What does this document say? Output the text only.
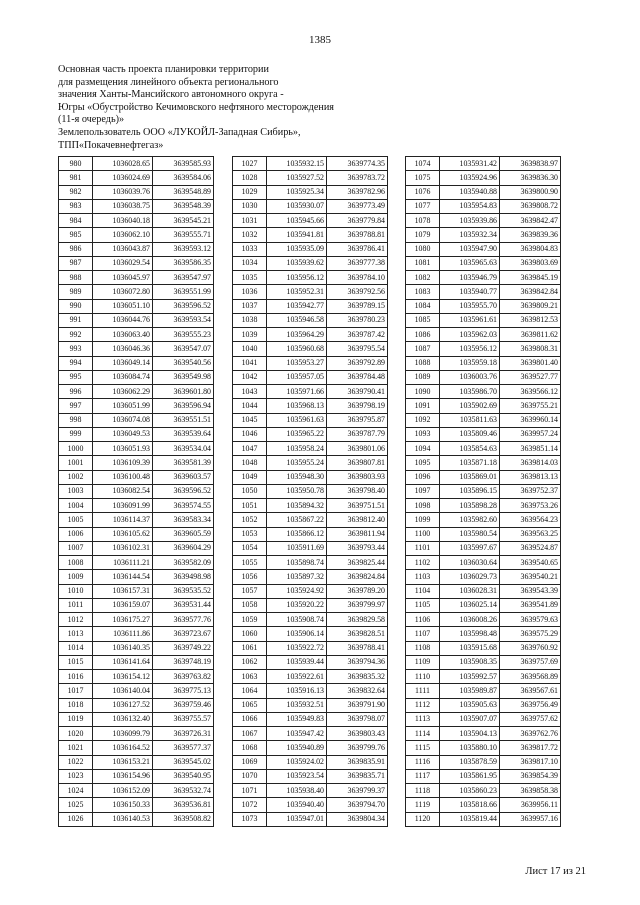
1385
Основная часть проекта планировки территории
для размещения линейного объекта регионального
значения Ханты-Мансийского автономного округа -
Югры «Обустройство Кечимовского нефтяного месторождения
(11-я очередь)»
Землепользователь ООО «ЛУКОЙЛ-Западная Сибирь»,
ТПП«Покачевнефтегаз»
980	1036028.65	3639585.93
981	1036024.69	3639584.06
982	1036039.76	3639548.89
983	1036038.75	3639548.39
984	1036040.18	3639545.21
985	1036062.10	3639555.71
986	1036043.87	3639593.12
987	1036029.54	3639586.35
988	1036045.97	3639547.97
989	1036072.80	3639551.99
990	1036051.10	3639596.52
991	1036044.76	3639593.54
992	1036063.40	3639555.23
993	1036046.36	3639547.07
994	1036049.14	3639540.56
995	1036084.74	3639549.98
996	1036062.29	3639601.80
997	1036051.99	3639596.94
998	1036074.08	3639551.51
999	1036049.53	3639539.64
1000	1036051.93	3639534.04
1001	1036109.39	3639581.39
1002	1036100.48	3639603.57
1003	1036082.54	3639596.52
1004	1036091.99	3639574.55
1005	1036114.37	3639583.34
1006	1036105.62	3639605.59
1007	1036102.31	3639604.29
1008	1036111.21	3639582.09
1009	1036144.54	3639498.98
1010	1036157.31	3639535.52
1011	1036159.07	3639531.44
1012	1036175.27	3639577.76
1013	1036111.86	3639723.67
1014	1036140.35	3639749.22
1015	1036141.64	3639748.19
1016	1036154.12	3639763.82
1017	1036140.04	3639775.13
1018	1036127.52	3639759.46
1019	1036132.40	3639755.57
1020	1036099.79	3639726.31
1021	1036164.52	3639577.37
1022	1036153.21	3639545.02
1023	1036154.96	3639540.95
1024	1036152.09	3639532.74
1025	1036150.33	3639536.81
1026	1036140.53	3639508.82
1027	1035932.15	3639774.35
1028	1035927.52	3639783.72
1029	1035925.34	3639782.96
1030	1035930.07	3639773.49
1031	1035945.66	3639779.84
1032	1035941.81	3639788.81
1033	1035935.09	3639786.41
1034	1035939.62	3639777.38
1035	1035956.12	3639784.10
1036	1035952.31	3639792.56
1037	1035942.77	3639789.15
1038	1035946.58	3639780.23
1039	1035964.29	3639787.42
1040	1035960.68	3639795.54
1041	1035953.27	3639792.89
1042	1035957.05	3639784.48
1043	1035971.66	3639790.41
1044	1035968.13	3639798.19
1045	1035961.63	3639795.87
1046	1035965.22	3639787.79
1047	1035958.24	3639801.06
1048	1035955.24	3639807.81
1049	1035948.30	3639803.93
1050	1035950.78	3639798.40
1051	1035894.32	3639751.51
1052	1035867.22	3639812.40
1053	1035866.12	3639811.94
1054	1035911.69	3639793.44
1055	1035898.74	3639825.44
1056	1035897.32	3639824.84
1057	1035924.92	3639789.20
1058	1035920.22	3639799.97
1059	1035908.74	3639829.58
1060	1035906.14	3639828.51
1061	1035922.72	3639788.41
1062	1035939.44	3639794.36
1063	1035922.61	3639835.32
1064	1035916.13	3639832.64
1065	1035932.51	3639791.90
1066	1035949.83	3639798.07
1067	1035947.42	3639803.43
1068	1035940.89	3639799.76
1069	1035924.02	3639835.91
1070	1035923.54	3639835.71
1071	1035938.40	3639799.37
1072	1035940.40	3639794.70
1073	1035947.01	3639804.34
1074	1035931.42	3639838.97
1075	1035924.96	3639836.30
1076	1035940.88	3639800.90
1077	1035954.83	3639808.72
1078	1035939.86	3639842.47
1079	1035932.34	3639839.36
1080	1035947.90	3639804.83
1081	1035965.63	3639803.69
1082	1035946.79	3639845.19
1083	1035940.77	3639842.84
1084	1035955.70	3639809.21
1085	1035961.61	3639812.53
1086	1035962.03	3639811.62
1087	1035956.12	3639808.31
1088	1035959.18	3639801.40
1089	1036003.76	3639527.77
1090	1035986.70	3639566.12
1091	1035902.69	3639755.21
1092	1035811.63	3639960.14
1093	1035809.46	3639957.24
1094	1035854.63	3639851.14
1095	1035871.18	3639814.03
1096	1035869.01	3639813.13
1097	1035896.15	3639752.37
1098	1035898.28	3639753.26
1099	1035982.60	3639564.23
1100	1035980.54	3639563.25
1101	1035997.67	3639524.87
1102	1036030.64	3639540.65
1103	1036029.73	3639540.21
1104	1036028.31	3639543.39
1105	1036025.14	3639541.89
1106	1036008.26	3639579.63
1107	1035998.48	3639575.29
1108	1035915.68	3639760.92
1109	1035908.35	3639757.69
1110	1035992.57	3639568.89
1111	1035989.87	3639567.61
1112	1035905.63	3639756.49
1113	1035907.07	3639757.62
1114	1035904.13	3639762.76
1115	1035880.10	3639817.72
1116	1035878.59	3639817.10
1117	1035861.95	3639854.39
1118	1035860.23	3639858.38
1119	1035818.66	3639956.11
1120	1035819.44	3639957.16
Лист 17 из 21
